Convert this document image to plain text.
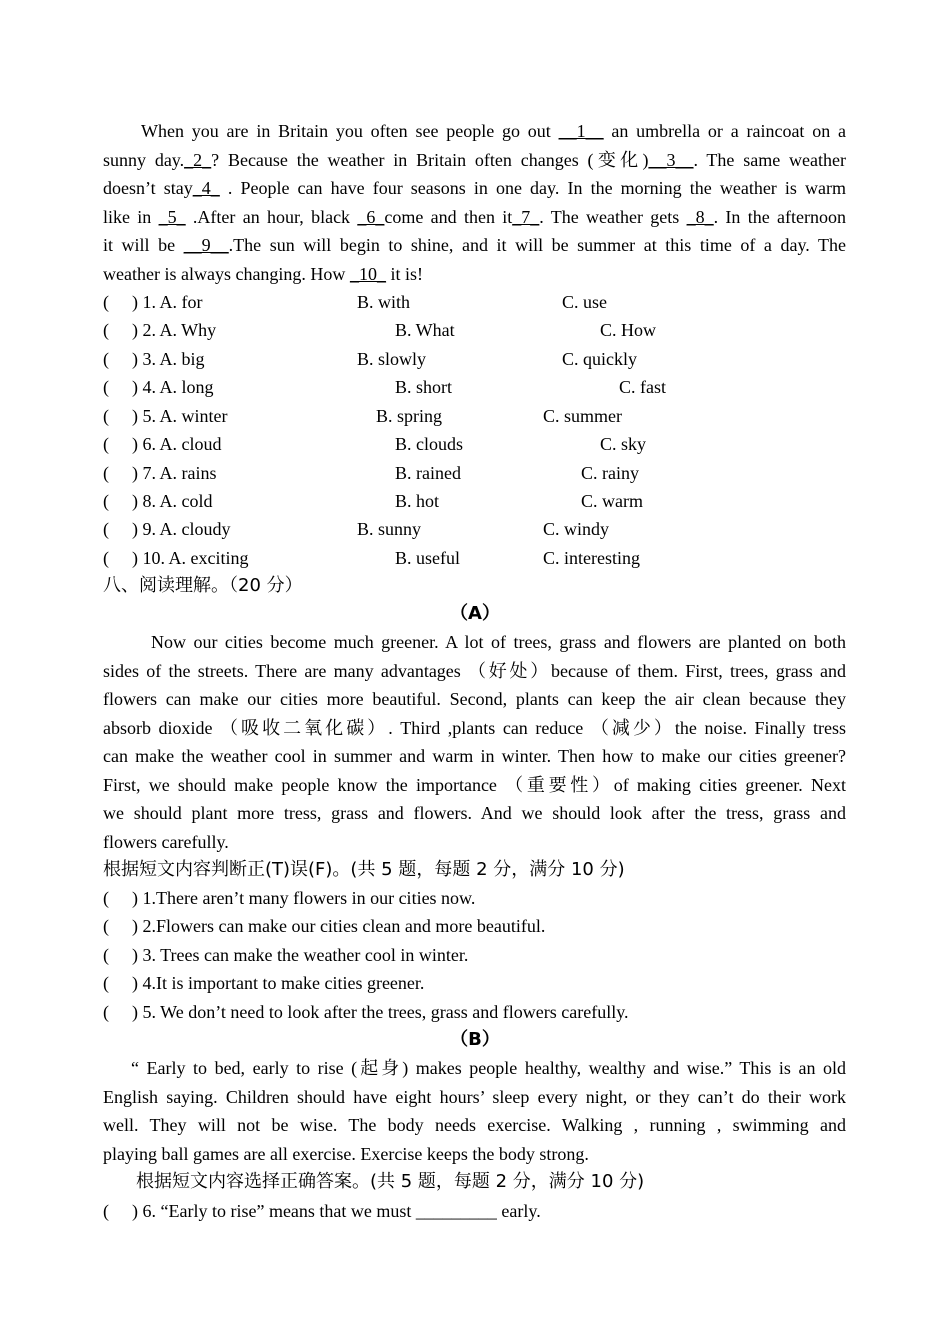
When you are in Britain you often see people go out __1__ an umbrella or a raincoat on a
sunny day._2_? Because the weather in Britain often changes (变化)__3__. The same weather
doesn’t stay_4_ . People can have four seasons in one day. In the morning the weather is warm
like in _5_ .After an hour, black _6_come and then it_7_. The weather gets _8_. In the afternoon
it will be __9__.The sun will begin to shine, and it will be summer at this time of a day. The
weather is always changing. How _10_ it is!
( ) 1. A. for	B. with	C. use
( ) 2. A. Why	B. What	C. How
( ) 3. A. big	B. slowly	C. quickly
( ) 4. A. long	B. short	C. fast
( ) 5. A. winter	B. spring	C. summer
( ) 6. A. cloud	B. clouds	C. sky
( ) 7. A. rains	B. rained	C. rainy
( ) 8. A. cold	B. hot	C. warm
( ) 9. A. cloudy	B. sunny	C. windy
( ) 10. A. exciting	B. useful	C. interesting
八、阅读理解。（20 分）
（A）
Now our cities become much greener. A lot of trees, grass and flowers are planted on both
sides of the streets. There are many advantages （好处）because of them. First, trees, grass and
flowers can make our cities more beautiful. Second, plants can keep the air clean because they
absorb dioxide （吸收二氧化碳）. Third ,plants can reduce （减少）the noise. Finally tress
can make the weather cool in summer and warm in winter. Then how to make our cities greener?
First, we should make people know the importance （重要性）of making cities greener. Next
we should plant more tress, grass and flowers. And we should look after the tress, grass and
flowers carefully.
根据短文内容判断正(T)误(F)。(共 5 题，每题 2 分，满分 10 分)
( ) 1.There aren’t many flowers in our cities now.
( ) 2.Flowers can make our cities clean and more beautiful.
( ) 3. Trees can make the weather cool in winter.
( ) 4.It is important to make cities greener.
( ) 5. We don’t need to look after the trees, grass and flowers carefully.
（B）
“ Early to bed, early to rise (起身) makes people healthy, wealthy and wise.” This is an old
English saying. Children should have eight hours’ sleep every night, or they can’t do their work
well. They will not be wise. The body needs exercise. Walking , running , swimming and
playing ball games are all exercise. Exercise keeps the body strong.
根据短文内容选择正确答案。(共 5 题，每题 2 分，满分 10 分)
( ) 6. “Early to rise” means that we must _________ early.
